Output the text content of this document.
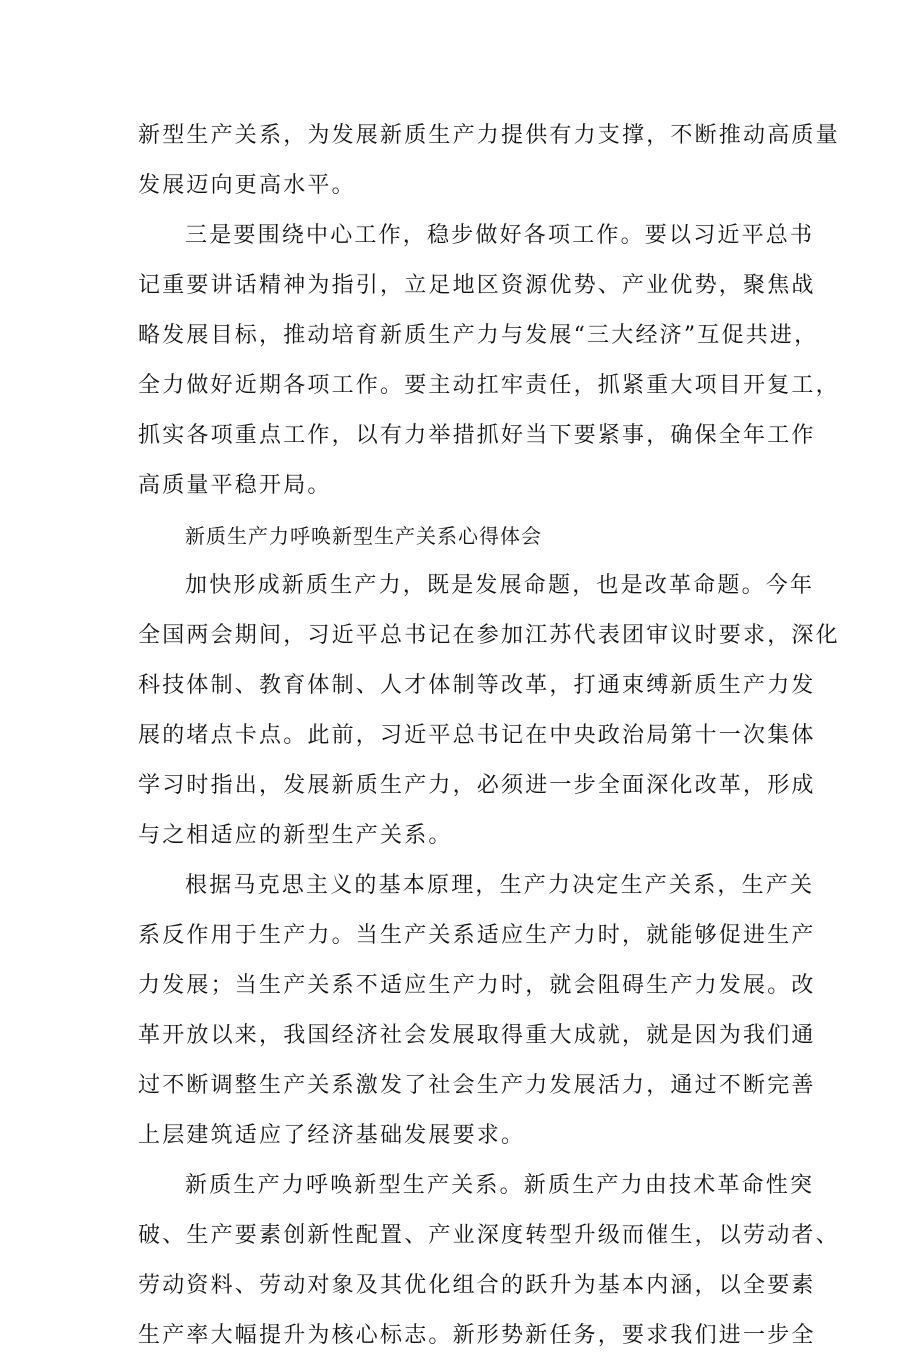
新型生产关系，为发展新质生产力提供有力支撑，不断推动高质量
发展迈向更高水平。
三是要围绕中心工作，稳步做好各项工作。要以习近平总书
记重要讲话精神为指引，立足地区资源优势、产业优势，聚焦战
略发展目标，推动培育新质生产力与发展“三大经济”互促共进，
全力做好近期各项工作。要主动扛牢责任，抓紧重大项目开复工，
抓实各项重点工作，以有力举措抓好当下要紧事，确保全年工作
高质量平稳开局。
新质生产力呼唤新型生产关系心得体会
加快形成新质生产力，既是发展命题，也是改革命题。今年
全国两会期间，习近平总书记在参加江苏代表团审议时要求，深化
科技体制、教育体制、人才体制等改革，打通束缚新质生产力发
展的堵点卡点。此前，习近平总书记在中央政治局第十一次集体
学习时指出，发展新质生产力，必须进一步全面深化改革，形成
与之相适应的新型生产关系。
根据马克思主义的基本原理，生产力决定生产关系，生产关
系反作用于生产力。当生产关系适应生产力时，就能够促进生产
力发展；当生产关系不适应生产力时，就会阻碍生产力发展。改
革开放以来，我国经济社会发展取得重大成就，就是因为我们通
过不断调整生产关系激发了社会生产力发展活力，通过不断完善
上层建筑适应了经济基础发展要求。
新质生产力呼唤新型生产关系。新质生产力由技术革命性突
破、生产要素创新性配置、产业深度转型升级而催生，以劳动者、
劳动资料、劳动对象及其优化组合的跃升为基本内涵，以全要素
生产率大幅提升为核心标志。新形势新任务，要求我们进一步全
